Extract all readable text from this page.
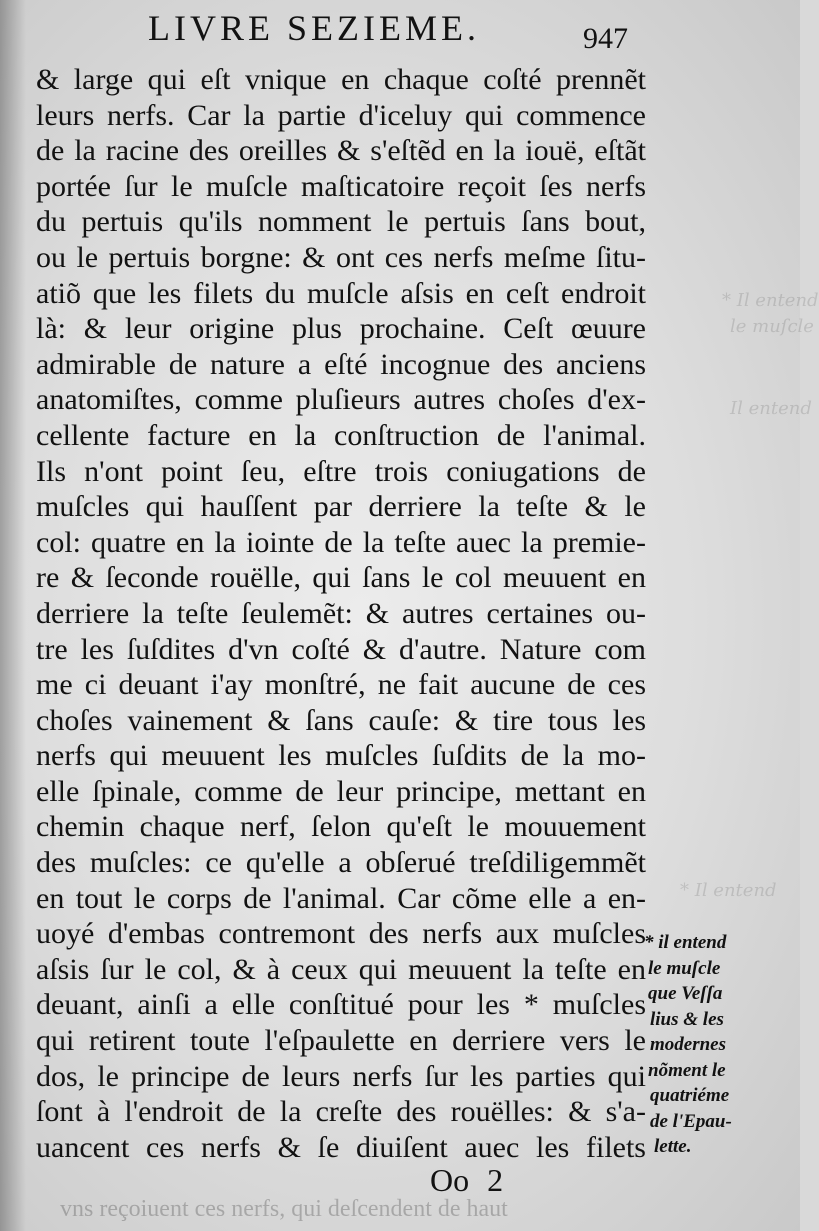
* Il entend
le muſcle
Il entend
* Il entend
LIVRE SEZIEME.	947
& large qui eſt vnique en chaque coſté prennẽt
leurs nerfs. Car la partie d'iceluy qui commence
de la racine des oreilles & s'eſtẽd en la iouë, eſtãt
portée ſur le muſcle maſticatoire reçoit ſes nerfs
du pertuis qu'ils nomment le pertuis ſans bout,
ou le pertuis borgne: & ont ces nerfs meſme ſitu-
atiõ que les filets du muſcle aſsis en ceſt endroit
là: & leur origine plus prochaine. Ceſt œuure
admirable de nature a eſté incognue des anciens
anatomiſtes, comme pluſieurs autres choſes d'ex-
cellente facture en la conſtruction de l'animal.
Ils n'ont point ſeu, eſtre trois coniugations de
muſcles qui hauſſent par derriere la teſte & le
col: quatre en la iointe de la teſte auec la premie-
re & ſeconde rouëlle, qui ſans le col meuuent en
derriere la teſte ſeulemẽt: & autres certaines ou-
tre les ſuſdites d'vn coſté & d'autre. Nature com
me ci deuant i'ay monſtré, ne fait aucune de ces
choſes vainement & ſans cauſe: & tire tous les
nerfs qui meuuent les muſcles ſuſdits de la mo-
elle ſpinale, comme de leur principe, mettant en
chemin chaque nerf, ſelon qu'eſt le mouuement
des muſcles: ce qu'elle a obſerué treſdiligemmẽt
en tout le corps de l'animal. Car cõme elle a en-
uoyé d'embas contremont des nerfs aux muſcles
aſsis ſur le col, & à ceux qui meuuent la teſte en
deuant, ainſi a elle conſtitué pour les * muſcles
qui retirent toute l'eſpaulette en derriere vers le
dos, le principe de leurs nerfs ſur les parties qui
ſont à l'endroit de la creſte des rouëlles: & s'a-
uancent ces nerfs & ſe diuiſent auec les filets
* il entend
le muſcle
que Veſſa
lius & les
modernes
nõment le
quatriéme
de l'Epau-
lette.
Oo 2
vns reçoiuent ces nerfs, qui deſcendent de haut
